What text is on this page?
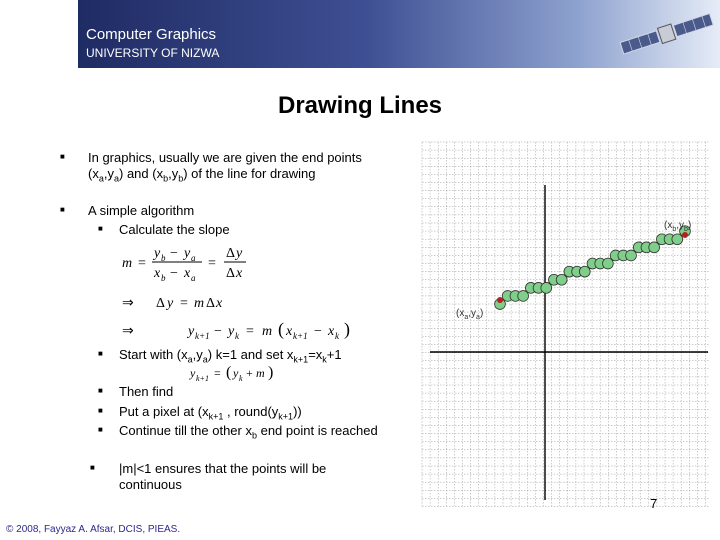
Computer Graphics
UNIVERSITY OF NIZWA
Drawing Lines
■ In graphics, usually we are given the end points $(x_a,y_a)$ and $(x_b,y_b)$ of the line for drawing
■ A simple algorithm
■ Calculate the slope
m =
y b − y a
x b − x a
=
Δ y
Δ x
⇒ Δ y = m Δ x
⇒	y k+1 − y k = m ( x k+1 − x k )
■ Start with $(x_a,y_a)$ k=1 and set $x_{k+1}=x_k+1$
y k+1 = ( y k + m )
■ Then find
■ Put a pixel at ($x_{k+1}$ , $round(y_{k+1})$)
■ Continue till the other $x_b$ end point is reached
■ |m|<1 ensures that the points will be continuous
$(x_a,y_a)$
$(x_b,y_b)$
7
© 2008, Fayyaz A. Afsar, DCIS, PIEAS.
